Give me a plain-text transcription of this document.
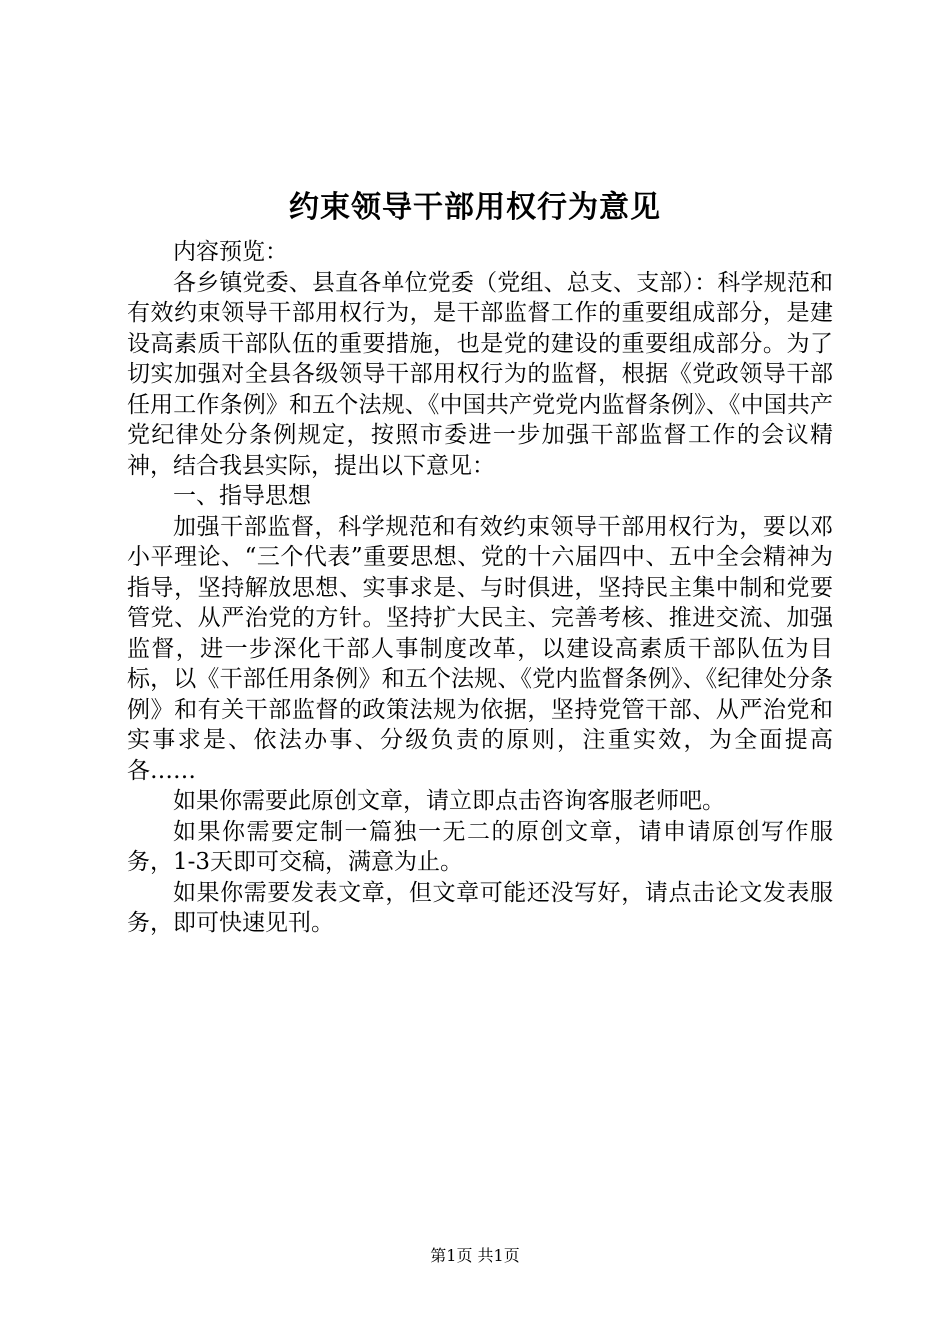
约束领导干部用权行为意见

内容预览：

各乡镇党委、县直各单位党委（党组、总支、支部）：科学规范和有效约束领导干部用权行为，是干部监督工作的重要组成部分，是建设高素质干部队伍的重要措施，也是党的建设的重要组成部分。为了切实加强对全县各级领导干部用权行为的监督，根据《党政领导干部任用工作条例》和五个法规、《中国共产党党内监督条例》、《中国共产党纪律处分条例规定，按照市委进一步加强干部监督工作的会议精神，结合我县实际，提出以下意见：

一、指导思想

加强干部监督，科学规范和有效约束领导干部用权行为，要以邓小平理论、“三个代表”重要思想、党的十六届四中、五中全会精神为指导，坚持解放思想、实事求是、与时俱进，坚持民主集中制和党要管党、从严治党的方针。坚持扩大民主、完善考核、推进交流、加强监督，进一步深化干部人事制度改革，以建设高素质干部队伍为目标，以《干部任用条例》和五个法规、《党内监督条例》、《纪律处分条例》和有关干部监督的政策法规为依据，坚持党管干部、从严治党和实事求是、依法办事、分级负责的原则，注重实效，为全面提高各……

如果你需要此原创文章，请立即点击咨询客服老师吧。

如果你需要定制一篇独一无二的原创文章，请申请原创写作服务，1-3天即可交稿，满意为止。

如果你需要发表文章，但文章可能还没写好，请点击论文发表服务，即可快速见刊。

第1页 共1页
